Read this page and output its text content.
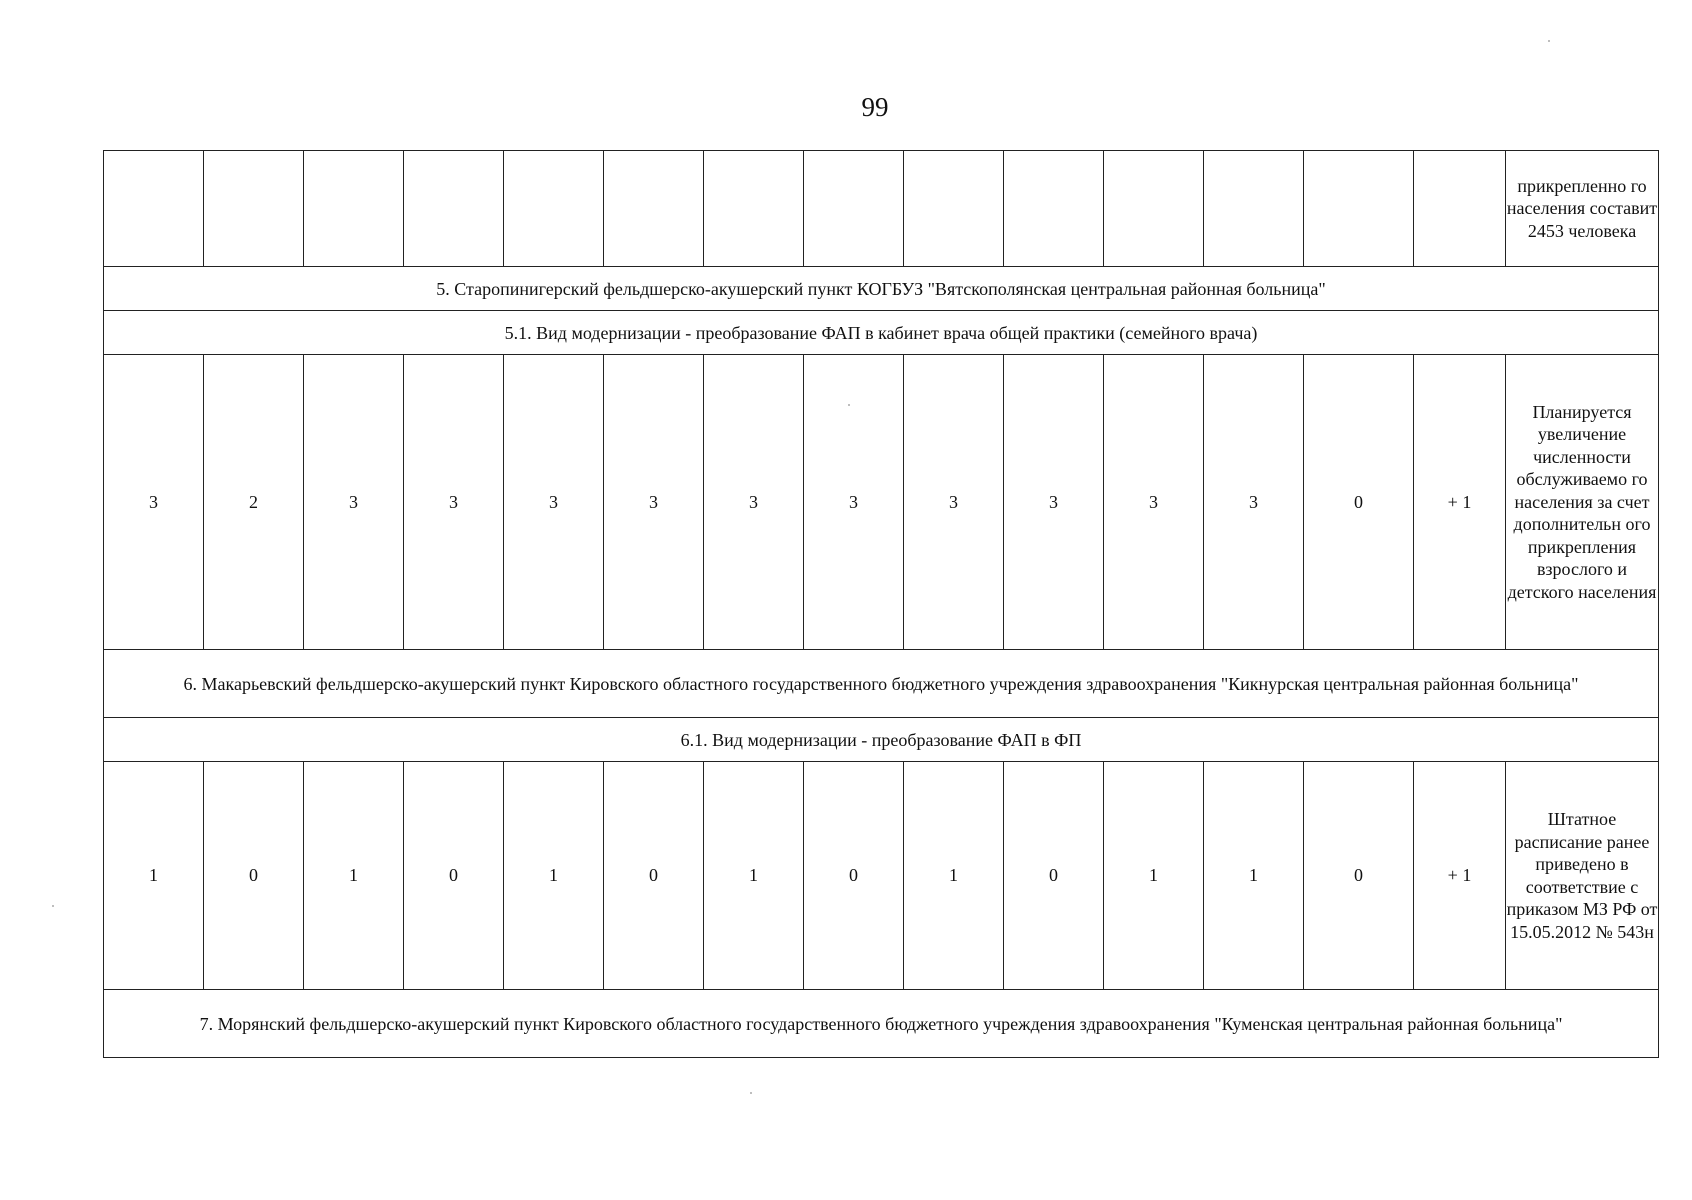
99
														прикрепленно го населения составит 2453 человека
5. Старопинигерский фельдшерско-акушерский пункт КОГБУЗ "Вятскополянская центральная районная больница"														
5.1. Вид модернизации - преобразование ФАП в кабинет врача общей практики (семейного врача)														
3	2	3	3	3	3	3	3	3	3	3	3	0	+ 1	Планируется увеличение численности обслуживаемо го населения за счет дополнительн ого прикрепления взрослого и детского населения
6. Макарьевский фельдшерско-акушерский пункт Кировского областного государственного бюджетного учреждения здравоохранения "Кикнурская центральная районная больница"														
6.1. Вид модернизации - преобразование ФАП в ФП														
1	0	1	0	1	0	1	0	1	0	1	1	0	+ 1	Штатное расписание ранее приведено в соответствие с приказом МЗ РФ от 15.05.2012 № 543н
7. Морянский фельдшерско-акушерский пункт Кировского областного государственного бюджетного учреждения здравоохранения "Куменская центральная районная больница"														
